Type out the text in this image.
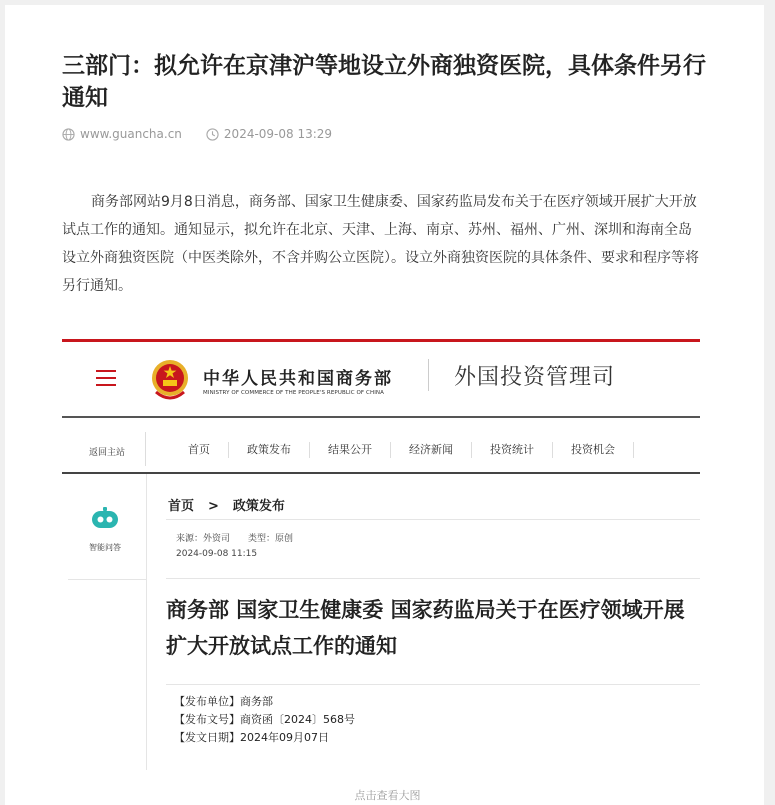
三部门：拟允许在京津沪等地设立外商独资医院，具体条件另行通知
www.guancha.cn	2024-09-08 13:29

商务部网站9月8日消息，商务部、国家卫生健康委、国家药监局发布关于在医疗领域开展扩大开放试点工作的通知。通知显示，拟允许在北京、天津、上海、南京、苏州、福州、广州、深圳和海南全岛设立外商独资医院（中医类除外，不含并购公立医院）。设立外商独资医院的具体条件、要求和程序等将另行通知。

中华人民共和国商务部
MINISTRY OF COMMERCE OF THE PEOPLE'S REPUBLIC OF CHINA
外国投资管理司
返回主站	首页	政策发布	结果公开	经济新闻	投资统计	投资机会
智能问答
首页 > 政策发布
来源：外资司 类型：原创
2024-09-08 11:15
商务部 国家卫生健康委 国家药监局关于在医疗领域开展扩大开放试点工作的通知
【发布单位】商务部
【发布文号】商资函〔2024〕568号
【发文日期】2024年09月07日
点击查看大图
